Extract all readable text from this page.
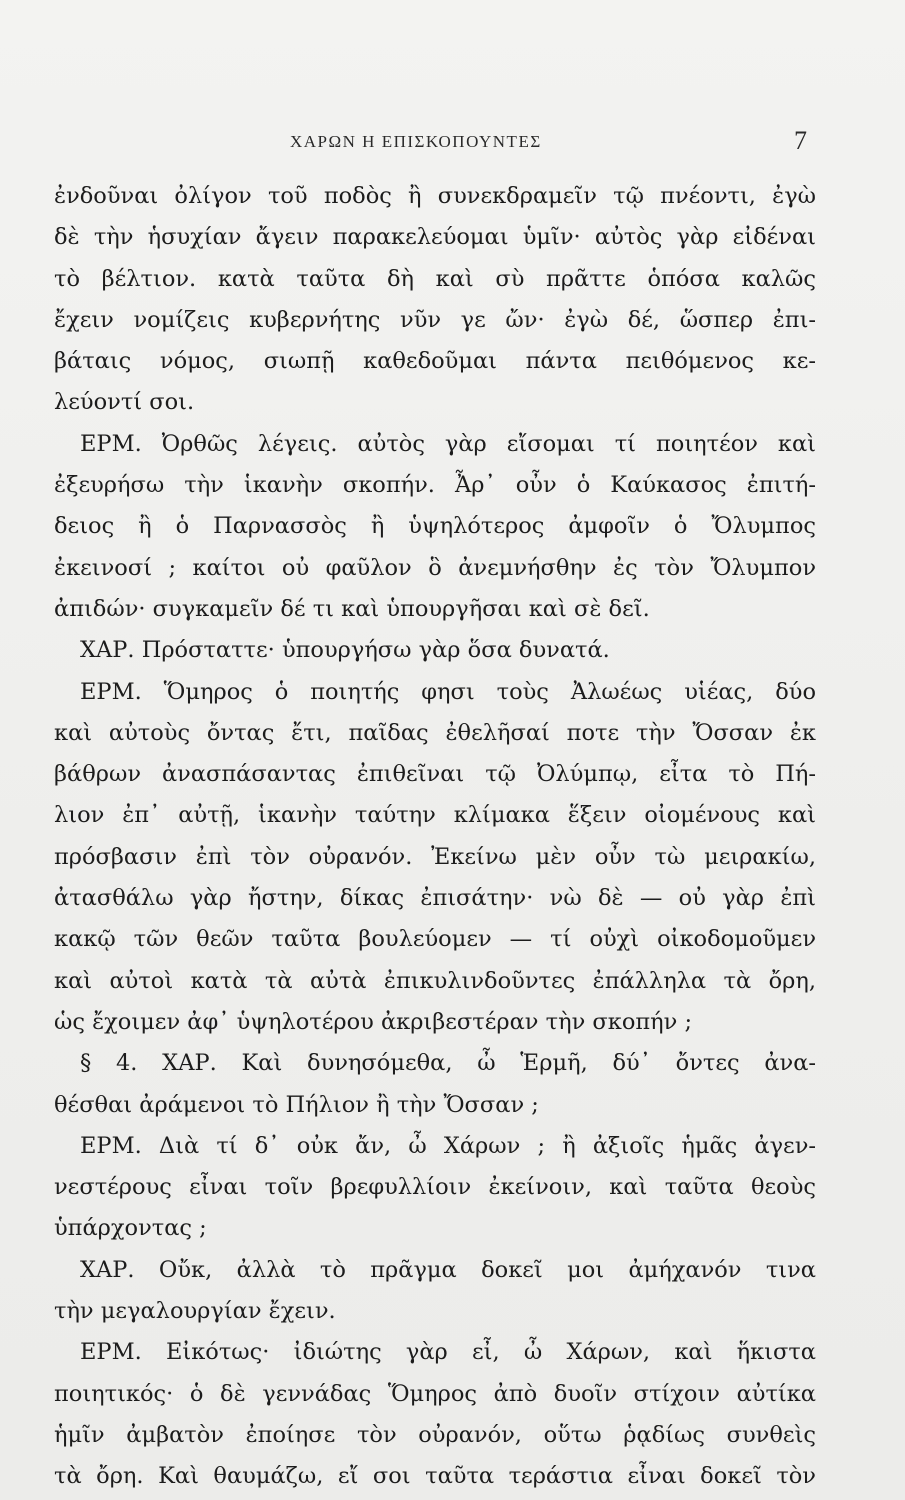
ΧΑΡΩΝ Η ΕΠΙΣΚΟΠΟΥΝΤΕΣ	7
ἐνδοῦναι ὀλίγον τοῦ ποδὸς ἢ συνεκδραμεῖν τῷ πνέοντι, ἐγὼ
δὲ τὴν ἡσυχίαν ἄγειν παρακελεύομαι ὑμῖν· αὐτὸς γὰρ εἰδέναι
τὸ βέλτιον. κατὰ ταῦτα δὴ καὶ σὺ πρᾶττε ὁπόσα καλῶς
ἔχειν νομίζεις κυβερνήτης νῦν γε ὤν· ἐγὼ δέ, ὥσπερ ἐπι-
βάταις νόμος, σιωπῇ καθεδοῦμαι πάντα πειθόμενος κε-
λεύοντί σοι.
ΕΡΜ. Ὀρθῶς λέγεις. αὐτὸς γὰρ εἴσομαι τί ποιητέον καὶ
ἐξευρήσω τὴν ἱκανὴν σκοπήν. Ἆρ᾽ οὖν ὁ Καύκασος ἐπιτή-
δειος ἢ ὁ Παρνασσὸς ἢ ὑψηλότερος ἀμφοῖν ὁ Ὄλυμπος
ἐκεινοσί ; καίτοι οὐ φαῦλον ὃ ἀνεμνήσθην ἐς τὸν Ὄλυμπον
ἀπιδών· συγκαμεῖν δέ τι καὶ ὑπουργῆσαι καὶ σὲ δεῖ.
ΧΑΡ. Πρόσταττε· ὑπουργήσω γὰρ ὅσα δυνατά.
ΕΡΜ. Ὅμηρος ὁ ποιητής φησι τοὺς Ἀλωέως υἱέας, δύο
καὶ αὐτοὺς ὄντας ἔτι, παῖδας ἐθελῆσαί ποτε τὴν Ὄσσαν ἐκ
βάθρων ἀνασπάσαντας ἐπιθεῖναι τῷ Ὀλύμπῳ, εἶτα τὸ Πή-
λιον ἐπ᾽ αὐτῇ, ἱκανὴν ταύτην κλίμακα ἕξειν οἰομένους καὶ
πρόσβασιν ἐπὶ τὸν οὐρανόν. Ἐκείνω μὲν οὖν τὼ μειρακίω,
ἀτασθάλω γὰρ ἤστην, δίκας ἐπισάτην· νὼ δὲ — οὐ γὰρ ἐπὶ
κακῷ τῶν θεῶν ταῦτα βουλεύομεν — τί οὐχὶ οἰκοδομοῦμεν
καὶ αὐτοὶ κατὰ τὰ αὐτὰ ἐπικυλινδοῦντες ἐπάλληλα τὰ ὄρη,
ὡς ἔχοιμεν ἀφ᾽ ὑψηλοτέρου ἀκριβεστέραν τὴν σκοπήν ;
§ 4. ΧΑΡ. Καὶ δυνησόμεθα, ὦ Ἑρμῆ, δύ᾽ ὄντες ἀνα-
θέσθαι ἀράμενοι τὸ Πήλιον ἢ τὴν Ὄσσαν ;
ΕΡΜ. Διὰ τί δ᾽ οὐκ ἄν, ὦ Χάρων ; ἢ ἀξιοῖς ἡμᾶς ἀγεν-
νεστέρους εἶναι τοῖν βρεφυλλίοιν ἐκείνοιν, καὶ ταῦτα θεοὺς
ὑπάρχοντας ;
ΧΑΡ. Οὔκ, ἀλλὰ τὸ πρᾶγμα δοκεῖ μοι ἀμήχανόν τινα
τὴν μεγαλουργίαν ἔχειν.
ΕΡΜ. Εἰκότως· ἰδιώτης γὰρ εἶ, ὦ Χάρων, καὶ ἥκιστα
ποιητικός· ὁ δὲ γεννάδας Ὅμηρος ἀπὸ δυοῖν στίχοιν αὐτίκα
ἡμῖν ἀμβατὸν ἐποίησε τὸν οὐρανόν, οὕτω ῥᾳδίως συνθεὶς
τὰ ὄρη. Καὶ θαυμάζω, εἴ σοι ταῦτα τεράστια εἶναι δοκεῖ τὸν
